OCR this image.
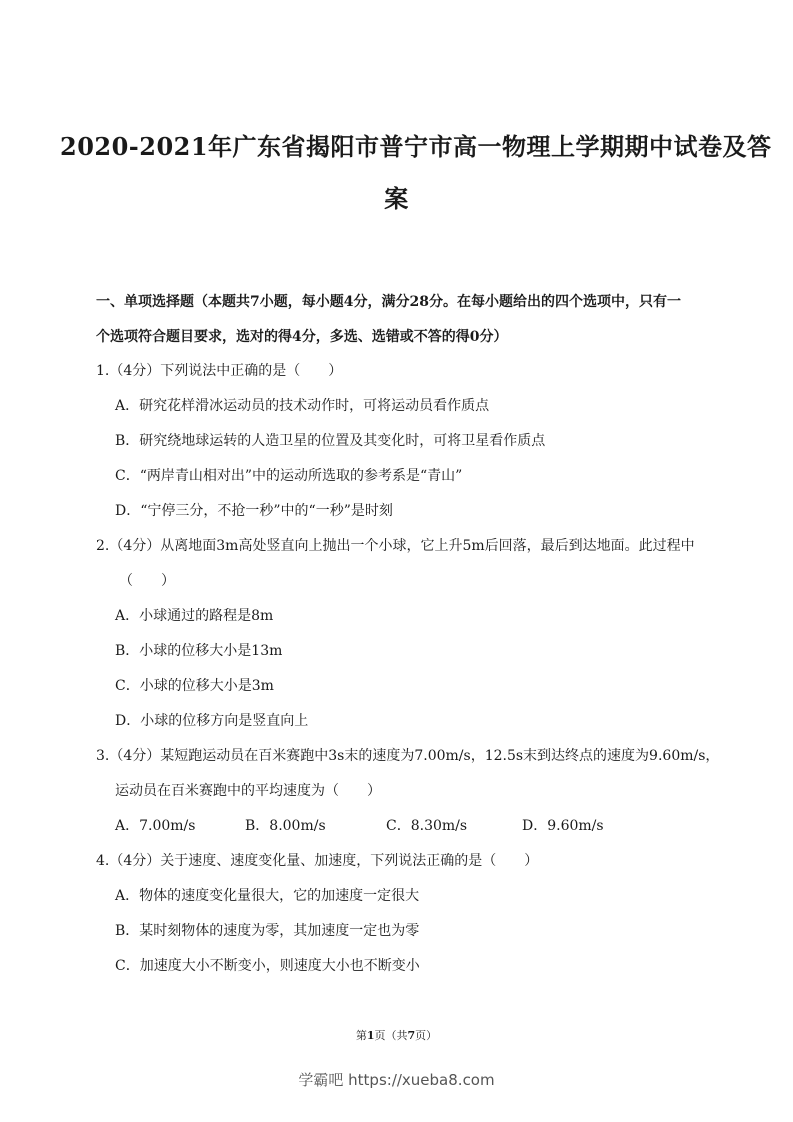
2020-2021年广东省揭阳市普宁市高一物理上学期期中试卷及答
案
一、单项选择题（本题共7小题，每小题4分，满分28分。在每小题给出的四个选项中，只有一
个选项符合题目要求，选对的得4分，多选、选错或不答的得0分）
1.（4分）下列说法中正确的是（　　）
A．研究花样滑冰运动员的技术动作时，可将运动员看作质点
B．研究绕地球运转的人造卫星的位置及其变化时，可将卫星看作质点
C．“两岸青山相对出”中的运动所选取的参考系是“青山”
D．“宁停三分，不抢一秒”中的“一秒”是时刻
2.（4分）从离地面3m高处竖直向上抛出一个小球，它上升5m后回落，最后到达地面。此过程中
（　　）
A．小球通过的路程是8m
B．小球的位移大小是13m
C．小球的位移大小是3m
D．小球的位移方向是竖直向上
3.（4分）某短跑运动员在百米赛跑中3s末的速度为7.00m/s，12.5s末到达终点的速度为9.60m/s，
运动员在百米赛跑中的平均速度为（　　）
A．7.00m/s	B．8.00m/s	C．8.30m/s	D．9.60m/s
4.（4分）关于速度、速度变化量、加速度，下列说法正确的是（　　）
A．物体的速度变化量很大，它的加速度一定很大
B．某时刻物体的速度为零，其加速度一定也为零
C．加速度大小不断变小，则速度大小也不断变小
第1页（共7页）
学霸吧 https://xueba8.com
